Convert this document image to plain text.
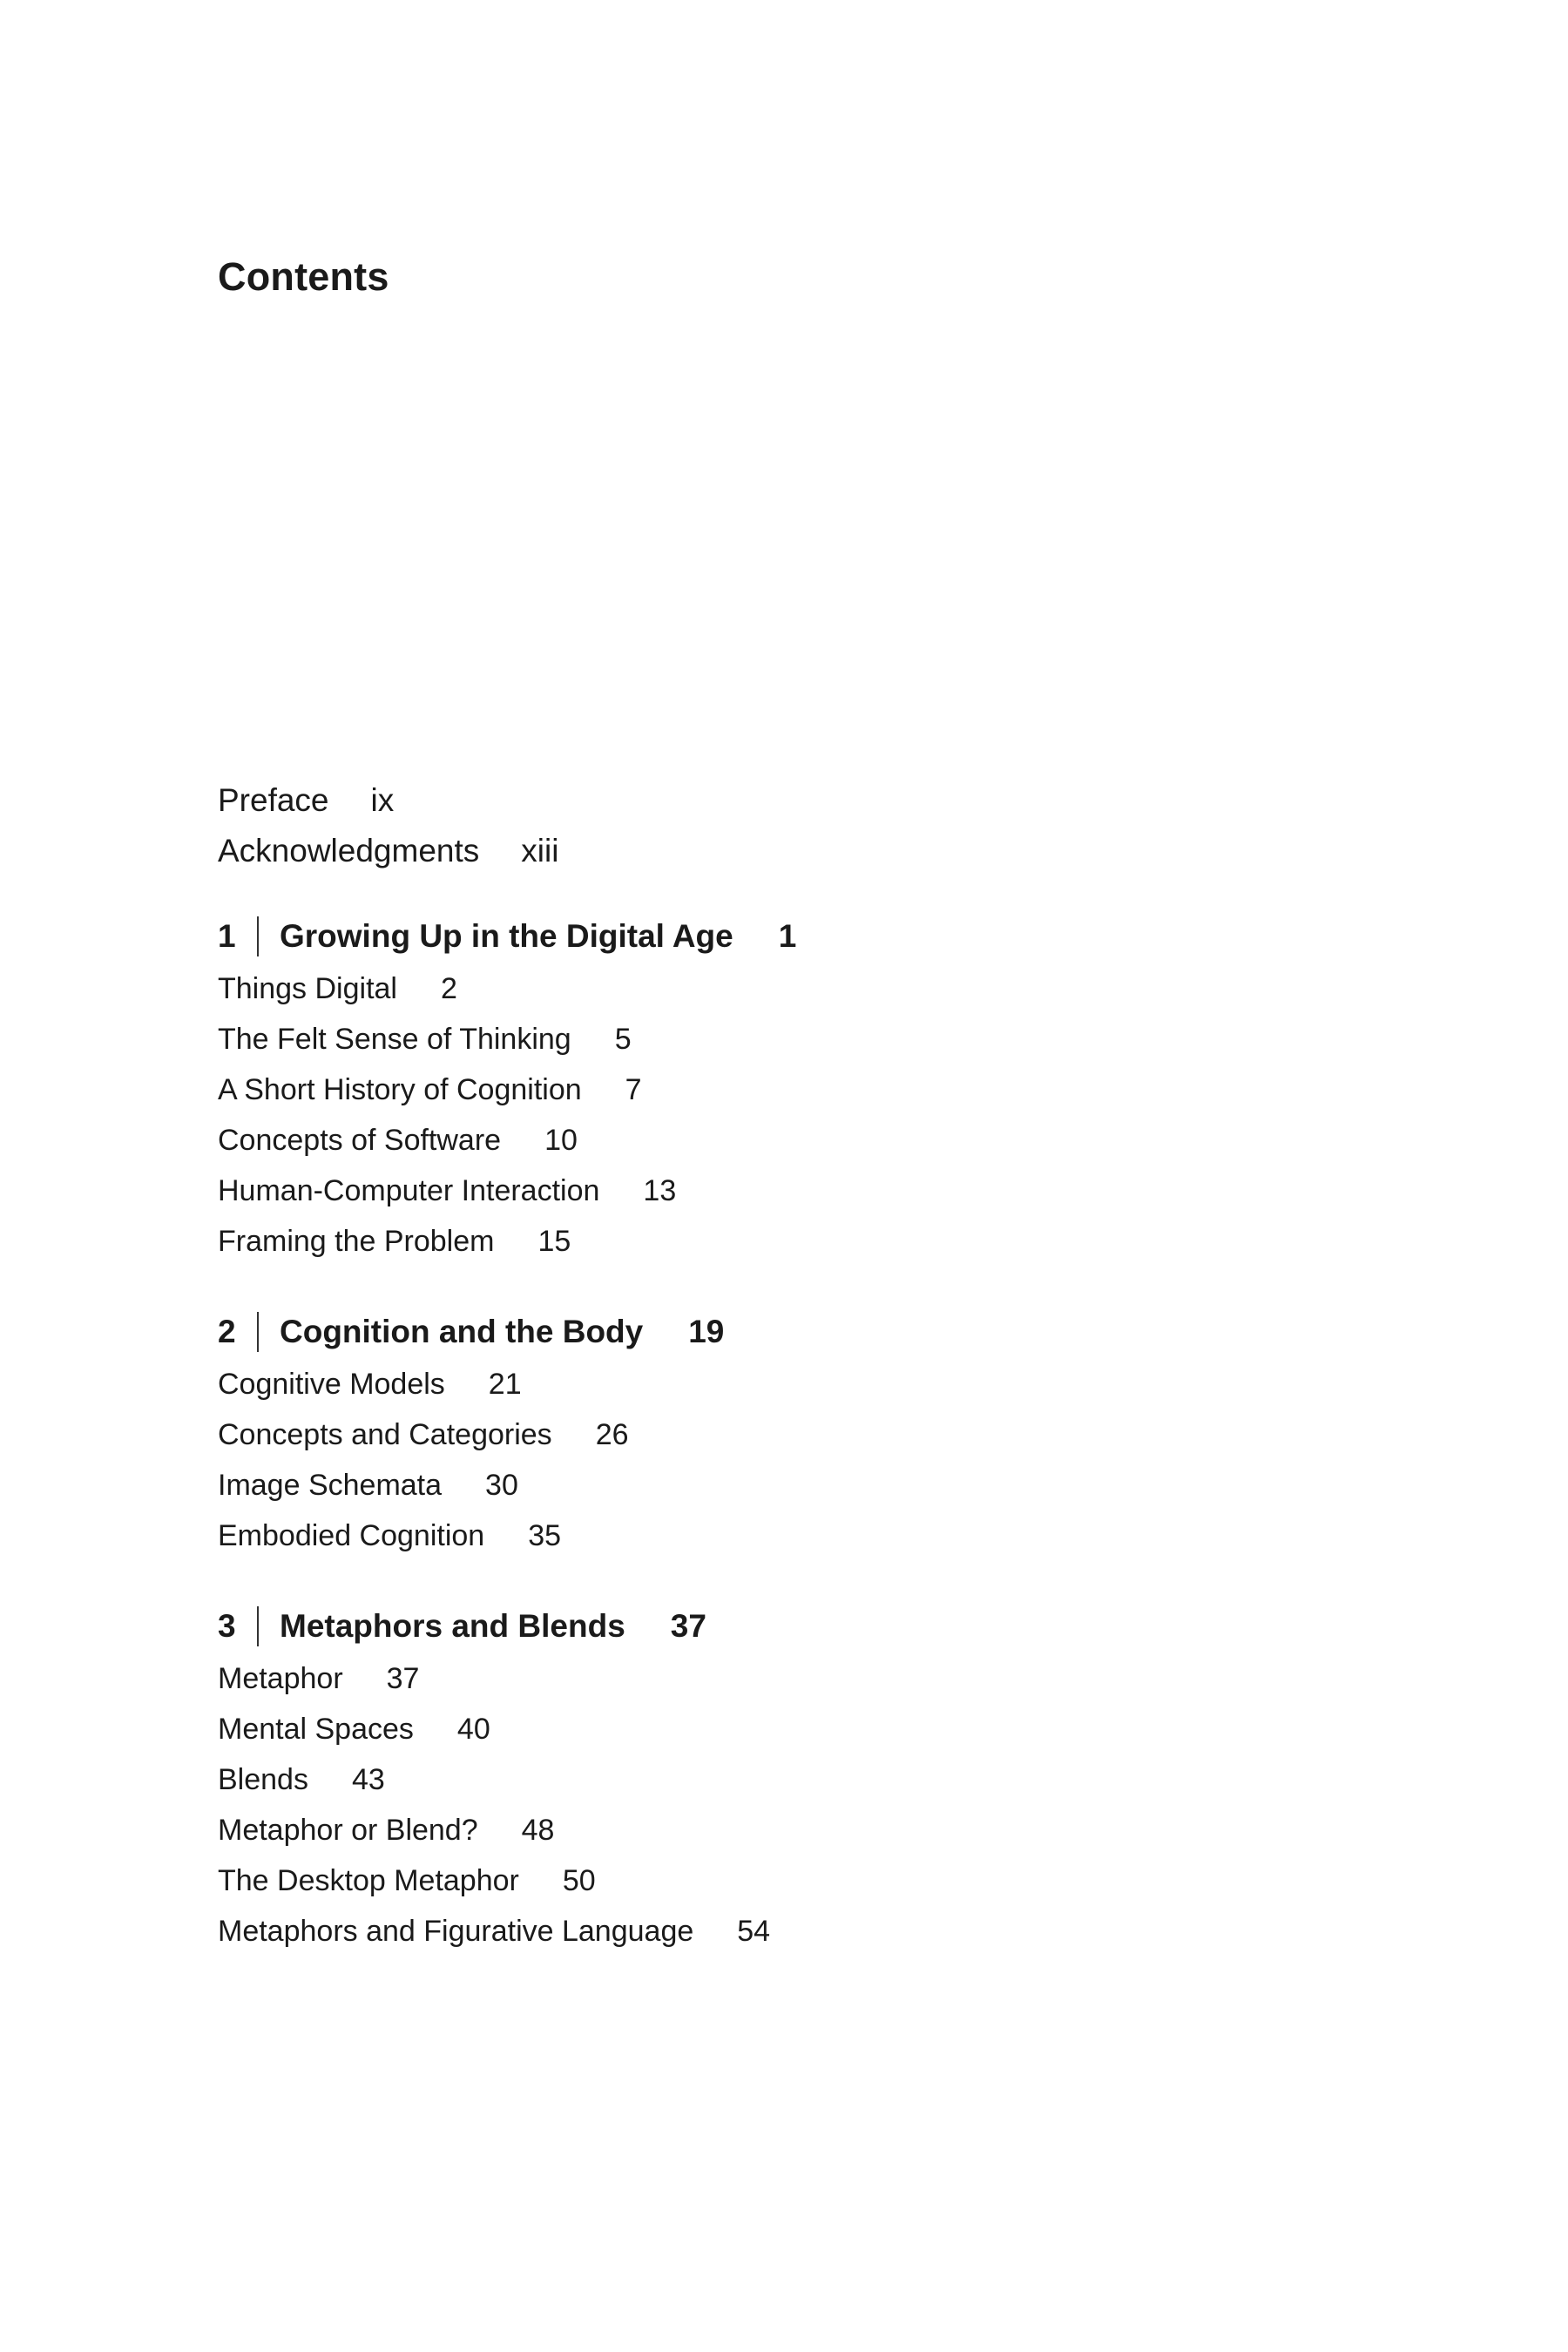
Contents
Preface ix
Acknowledgments xiii
1 Growing Up in the Digital Age 1
Things Digital 2
The Felt Sense of Thinking 5
A Short History of Cognition 7
Concepts of Software 10
Human-Computer Interaction 13
Framing the Problem 15
2 Cognition and the Body 19
Cognitive Models 21
Concepts and Categories 26
Image Schemata 30
Embodied Cognition 35
3 Metaphors and Blends 37
Metaphor 37
Mental Spaces 40
Blends 43
Metaphor or Blend? 48
The Desktop Metaphor 50
Metaphors and Figurative Language 54
